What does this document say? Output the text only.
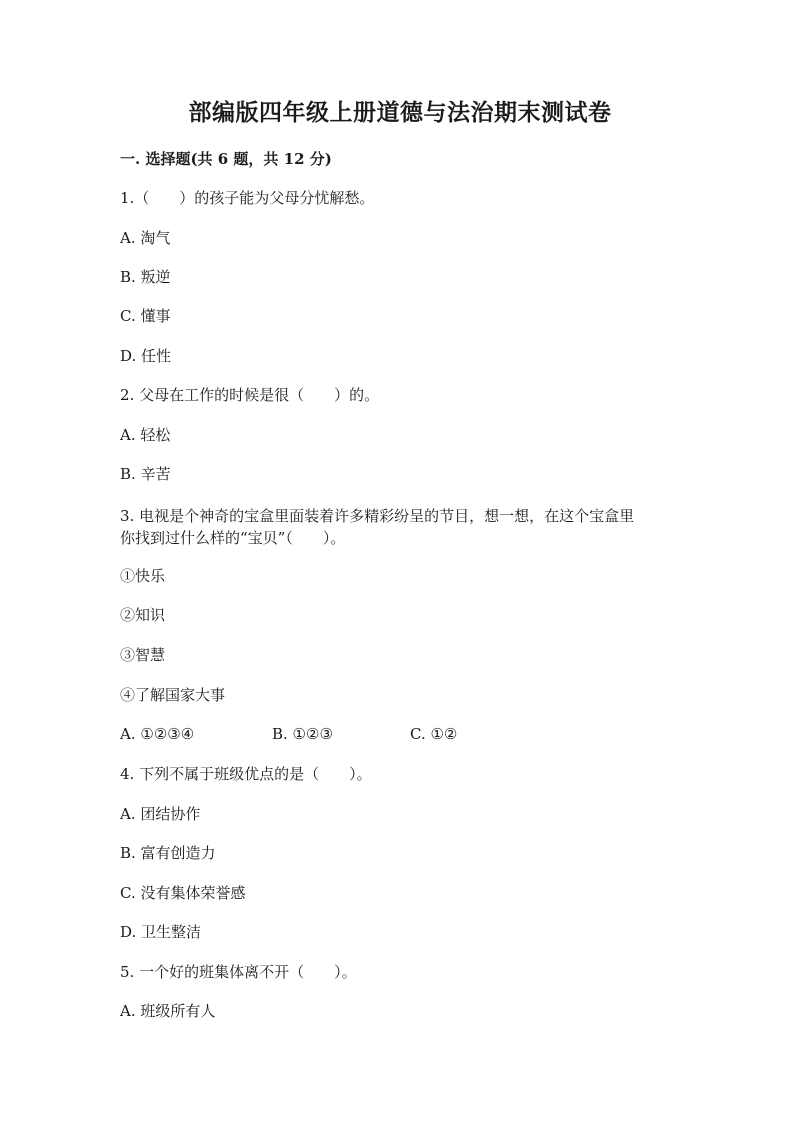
部编版四年级上册道德与法治期末测试卷
一. 选择题(共 6 题，共 12 分)
1.（　　）的孩子能为父母分忧解愁。
A. 淘气
B. 叛逆
C. 懂事
D. 任性
2. 父母在工作的时候是很（　　）的。
A. 轻松
B. 辛苦
3. 电视是个神奇的宝盒里面装着许多精彩纷呈的节目，想一想，在这个宝盒里
你找到过什么样的“宝贝”（　　）。
①快乐
②知识
③智慧
④了解国家大事
A. ①②③④	B. ①②③	C. ①②
4. 下列不属于班级优点的是（　　）。
A. 团结协作
B. 富有创造力
C. 没有集体荣誉感
D. 卫生整洁
5. 一个好的班集体离不开（　　）。
A. 班级所有人
